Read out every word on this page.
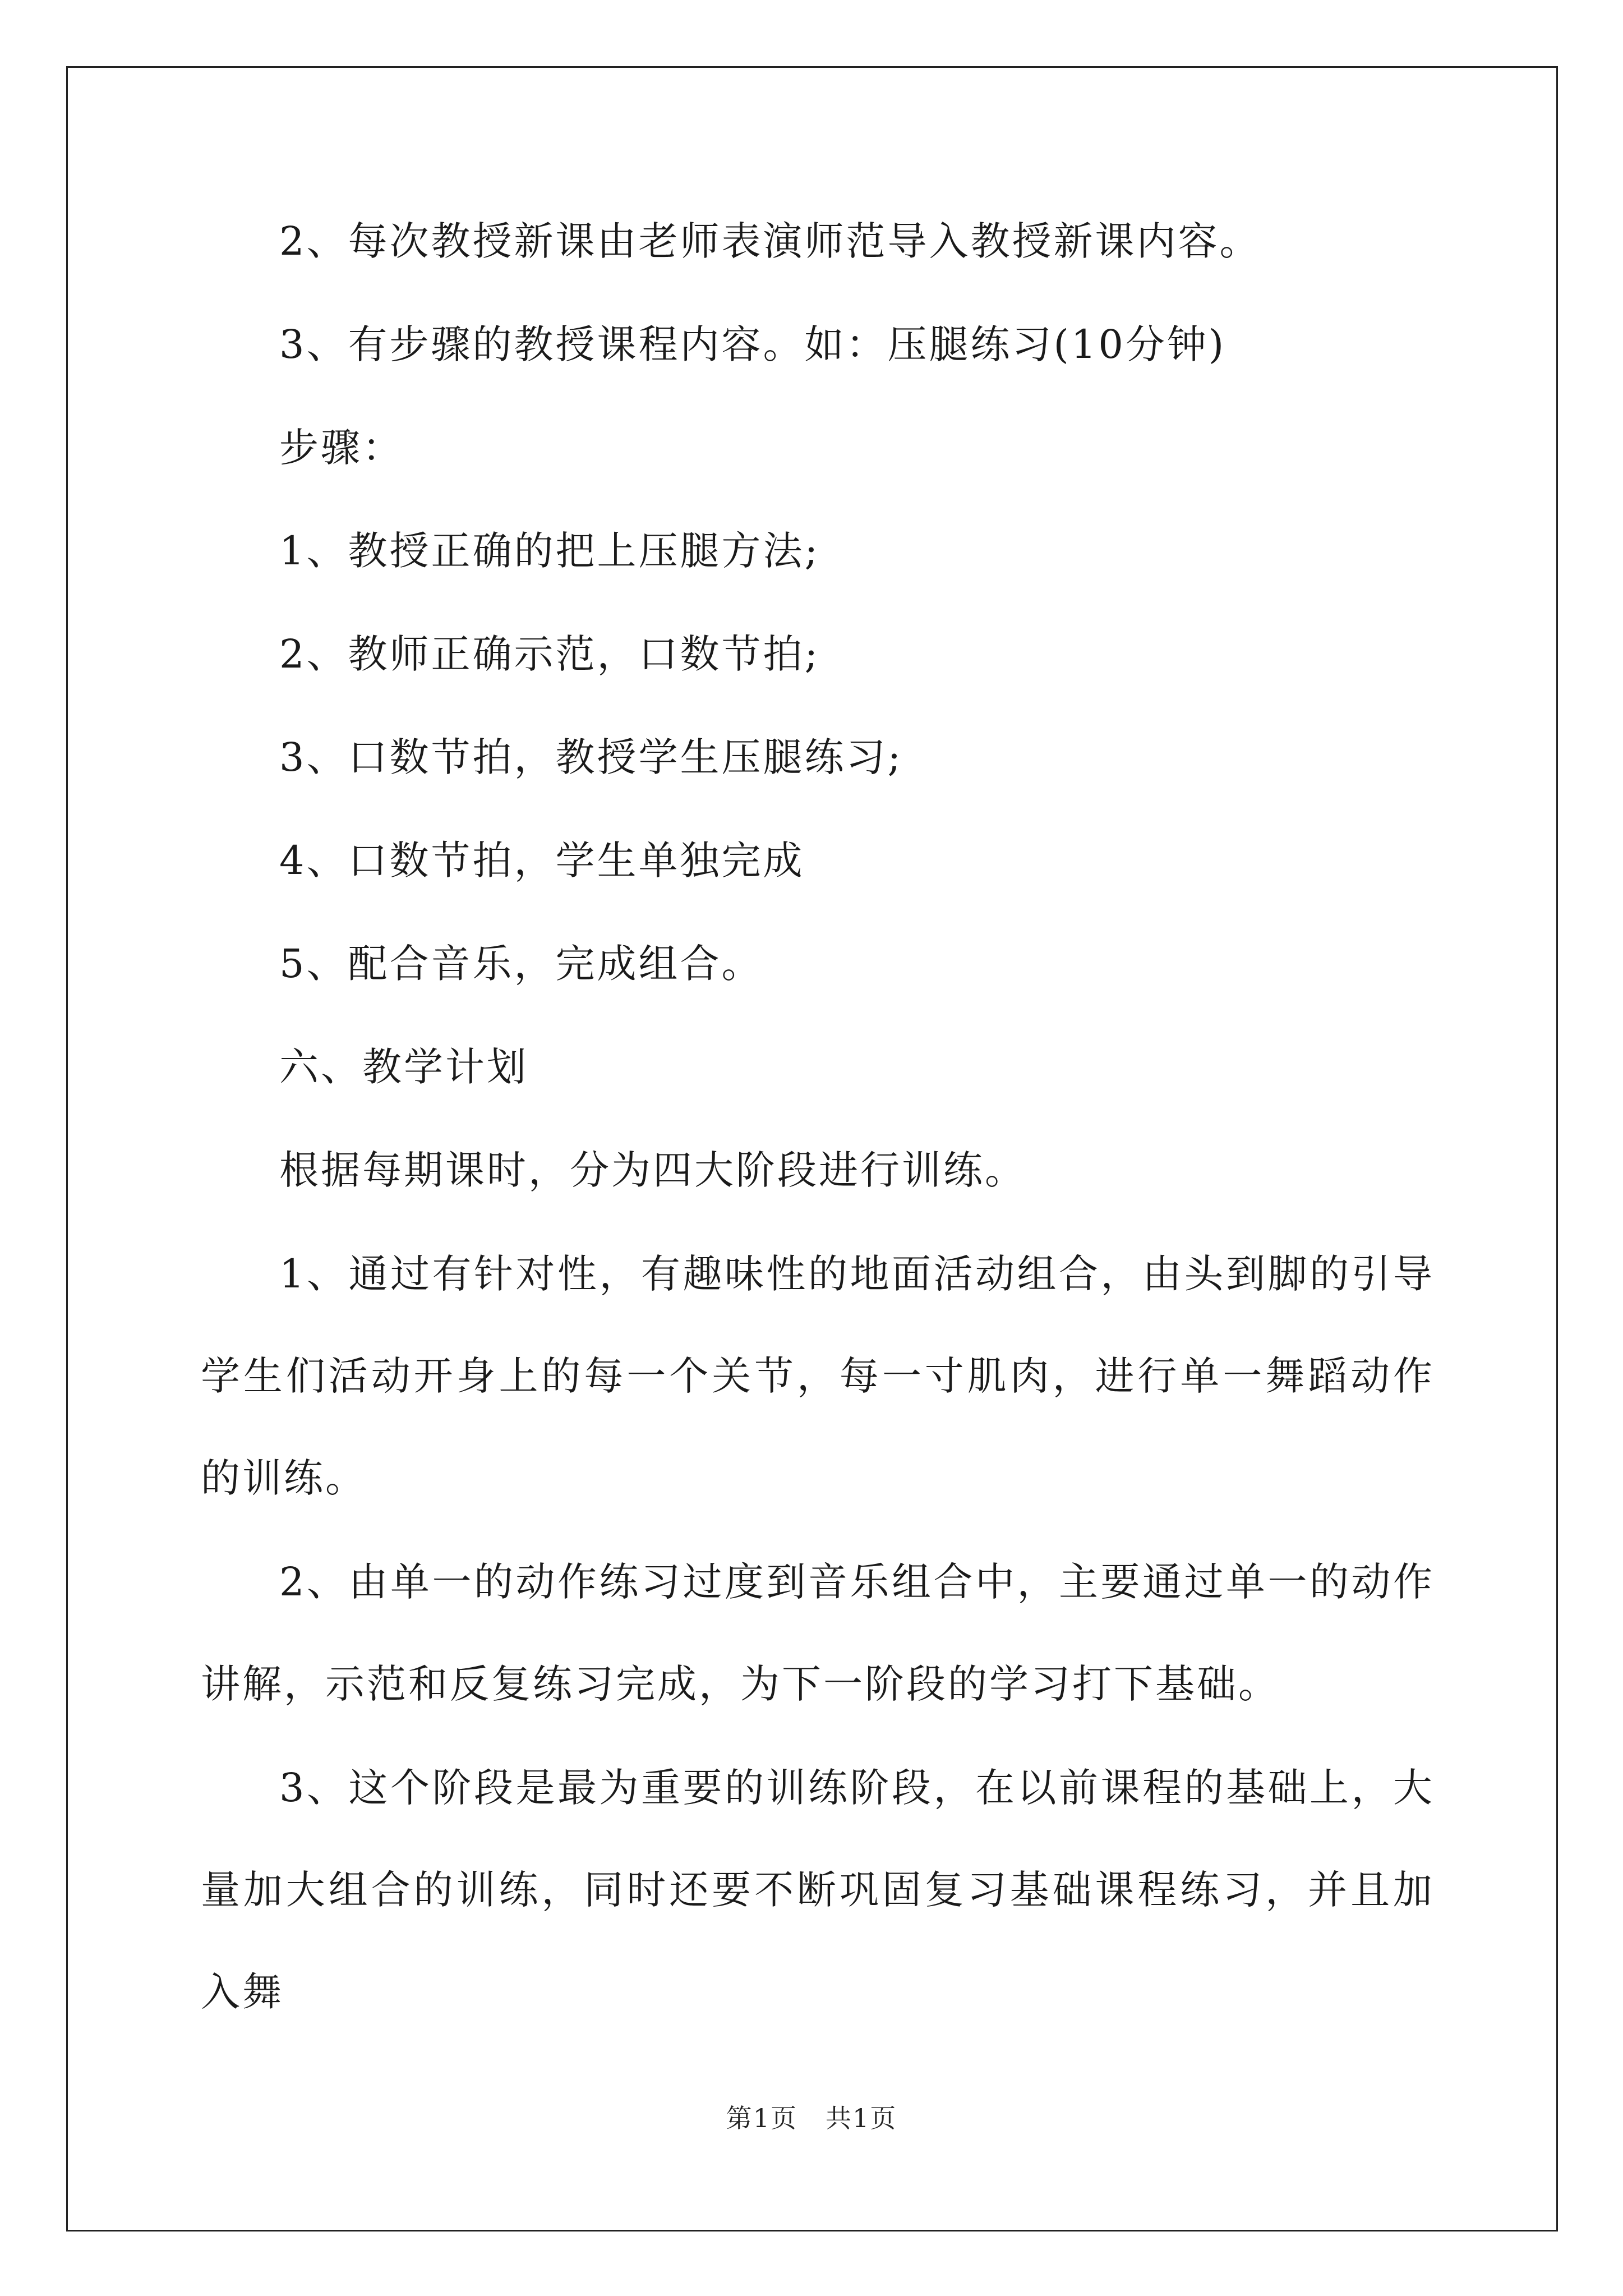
2、每次教授新课由老师表演师范导入教授新课内容。

3、有步骤的教授课程内容。如：压腿练习(10分钟)

步骤：

1、教授正确的把上压腿方法;

2、教师正确示范，口数节拍;

3、口数节拍，教授学生压腿练习;

4、口数节拍，学生单独完成

5、配合音乐，完成组合。

六、教学计划

根据每期课时，分为四大阶段进行训练。

1、通过有针对性，有趣味性的地面活动组合，由头到脚的引导学生们活动开身上的每一个关节，每一寸肌肉，进行单一舞蹈动作的训练。

2、由单一的动作练习过度到音乐组合中，主要通过单一的动作讲解，示范和反复练习完成，为下一阶段的学习打下基础。

3、这个阶段是最为重要的训练阶段，在以前课程的基础上，大量加大组合的训练，同时还要不断巩固复习基础课程练习，并且加入舞

第1页 共1页
